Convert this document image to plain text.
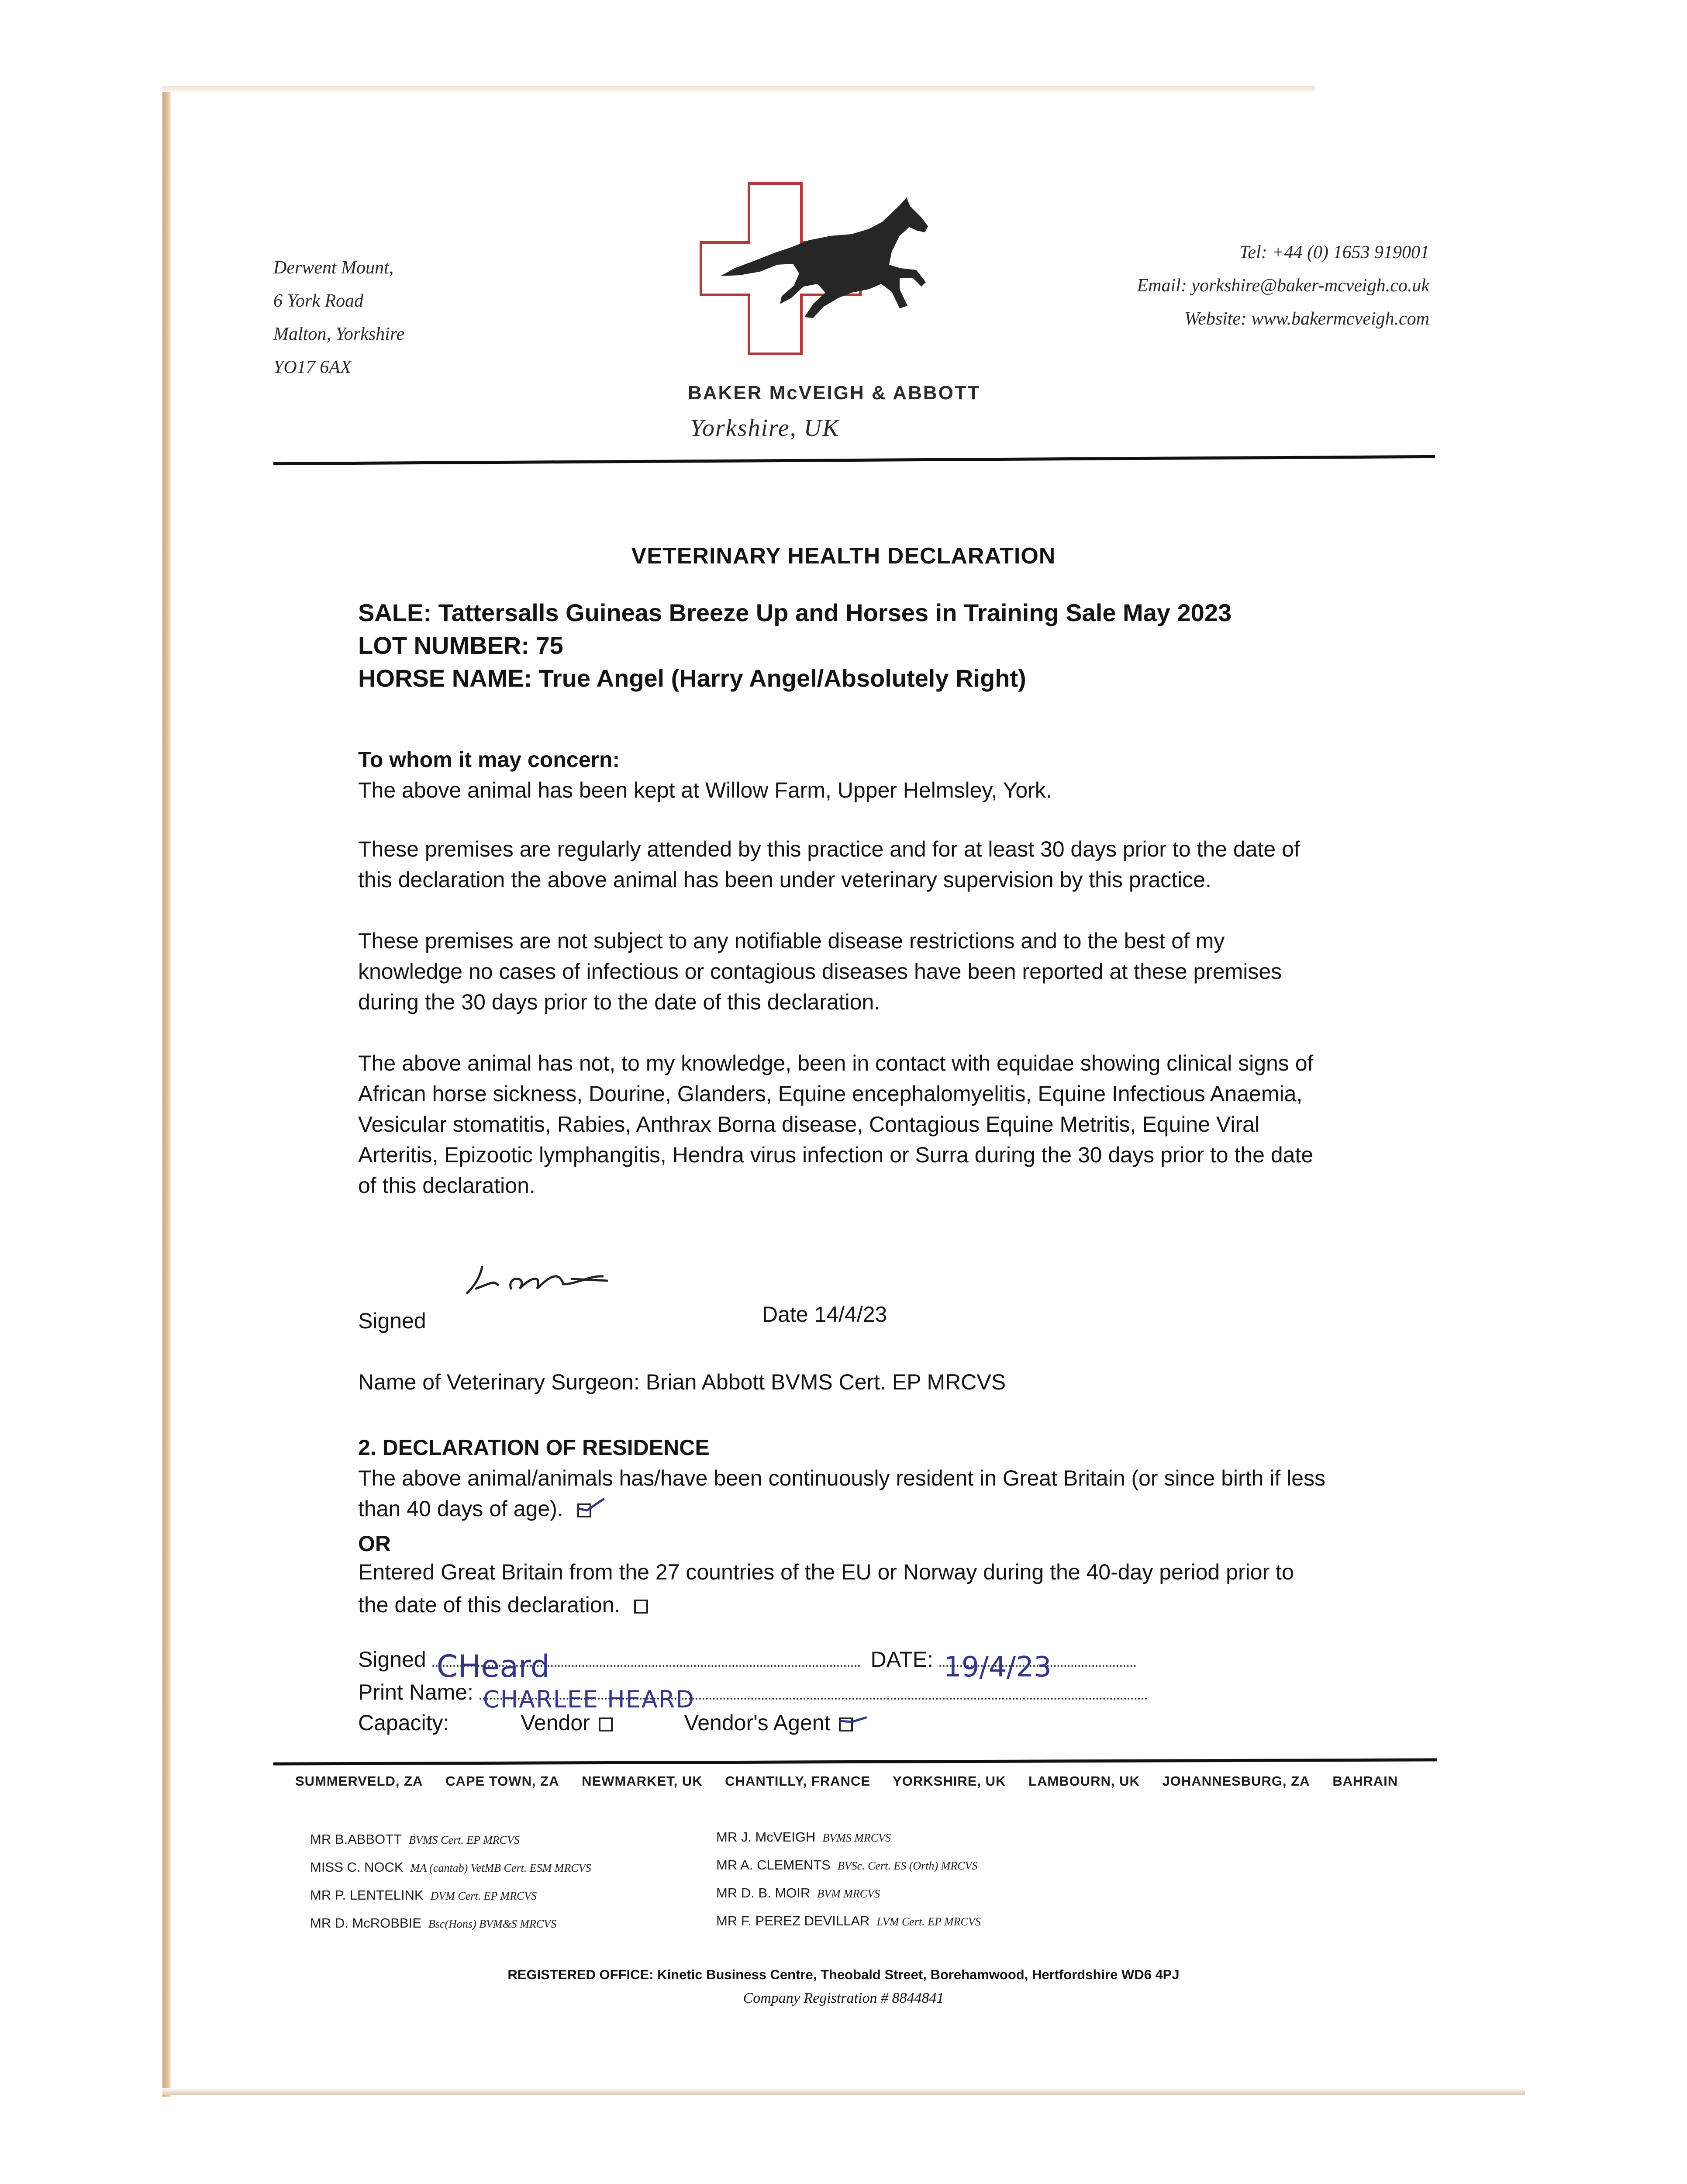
Derwent Mount,
6 York Road
Malton, Yorkshire
YO17 6AX
BAKER McVEIGH & ABBOTT
Yorkshire, UK
Tel: +44 (0) 1653 919001
Email: yorkshire@baker-mcveigh.co.uk
Website: www.bakermcveigh.com
VETERINARY HEALTH DECLARATION
SALE: Tattersalls Guineas Breeze Up and Horses in Training Sale May 2023
LOT NUMBER: 75
HORSE NAME: True Angel (Harry Angel/Absolutely Right)
To whom it may concern:
The above animal has been kept at Willow Farm, Upper Helmsley, York.
These premises are regularly attended by this practice and for at least 30 days prior to the date of
this declaration the above animal has been under veterinary supervision by this practice.
These premises are not subject to any notifiable disease restrictions and to the best of my
knowledge no cases of infectious or contagious diseases have been reported at these premises
during the 30 days prior to the date of this declaration.
The above animal has not, to my knowledge, been in contact with equidae showing clinical signs of
African horse sickness, Dourine, Glanders, Equine encephalomyelitis, Equine Infectious Anaemia,
Vesicular stomatitis, Rabies, Anthrax Borna disease, Contagious Equine Metritis, Equine Viral
Arteritis, Epizootic lymphangitis, Hendra virus infection or Surra during the 30 days prior to the date
of this declaration.
Signed	Date 14/4/23
Name of Veterinary Surgeon: Brian Abbott BVMS Cert. EP MRCVS
2. DECLARATION OF RESIDENCE
The above animal/animals has/have been continuously resident in Great Britain (or since birth if less
than 40 days of age).
OR
Entered Great Britain from the 27 countries of the EU or Norway during the 40-day period prior to
the date of this declaration.
Signed CHeard	DATE: 19/4/23
Print Name: CHARLEE HEARD
Capacity:	Vendor	Vendor's Agent
SUMMERVELD, ZA CAPE TOWN, ZA NEWMARKET, UK CHANTILLY, FRANCE YORKSHIRE, UK LAMBOURN, UK JOHANNESBURG, ZA BAHRAIN
MR B.ABBOTT BVMS Cert. EP MRCVS
MISS C. NOCK MA (cantab) VetMB Cert. ESM MRCVS
MR P. LENTELINK DVM Cert. EP MRCVS
MR D. McROBBIE Bsc(Hons) BVM&S MRCVS
MR J. McVEIGH BVMS MRCVS
MR A. CLEMENTS BVSc. Cert. ES (Orth) MRCVS
MR D. B. MOIR BVM MRCVS
MR F. PEREZ DEVILLAR LVM Cert. EP MRCVS
REGISTERED OFFICE: Kinetic Business Centre, Theobald Street, Borehamwood, Hertfordshire WD6 4PJ
Company Registration # 8844841
